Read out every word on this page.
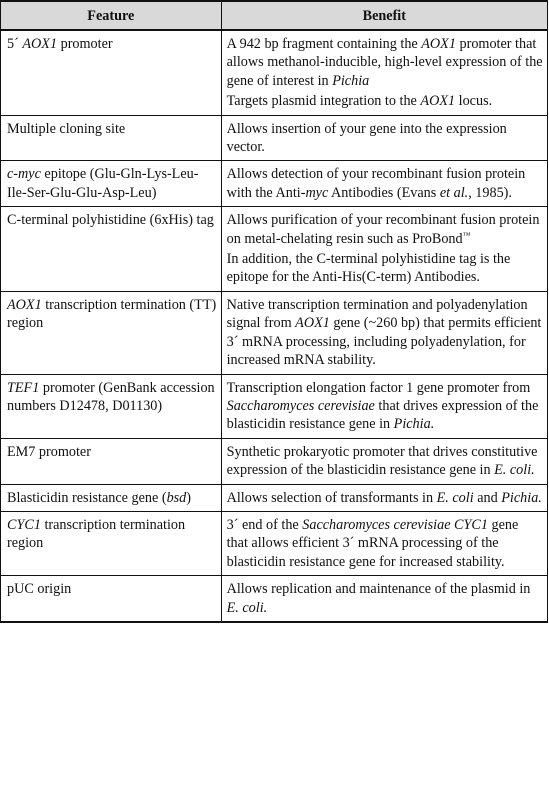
Feature	Benefit
5´ AOX1 promoter	A 942 bp fragment containing the AOX1 promoter that allows methanol-inducible, high-level expression of the gene of interest in Pichia
Targets plasmid integration to the AOX1 locus.

Multiple cloning site	Allows insertion of your gene into the expression vector.

c-myc epitope (Glu-Gln-Lys-Leu-Ile-Ser-Glu-Glu-Asp-Leu)	Allows detection of your recombinant fusion protein with the Anti-myc Antibodies (Evans et al., 1985).

C-terminal polyhistidine (6xHis) tag	Allows purification of your recombinant fusion protein on metal-chelating resin such as ProBond™
In addition, the C-terminal polyhistidine tag is the epitope for the Anti-His(C-term) Antibodies.

AOX1 transcription termination (TT) region	Native transcription termination and polyadenylation signal from AOX1 gene (~260 bp) that permits efficient 3´ mRNA processing, including polyadenylation, for increased mRNA stability.

TEF1 promoter (GenBank accession numbers D12478, D01130)	Transcription elongation factor 1 gene promoter from Saccharomyces cerevisiae that drives expression of the blasticidin resistance gene in Pichia.

EM7 promoter	Synthetic prokaryotic promoter that drives constitutive expression of the blasticidin resistance gene in E. coli.

Blasticidin resistance gene (bsd)	Allows selection of transformants in E. coli and Pichia.

CYC1 transcription termination region	3´ end of the Saccharomyces cerevisiae CYC1 gene that allows efficient 3´ mRNA processing of the blasticidin resistance gene for increased stability.

pUC origin	Allows replication and maintenance of the plasmid in E. coli.
